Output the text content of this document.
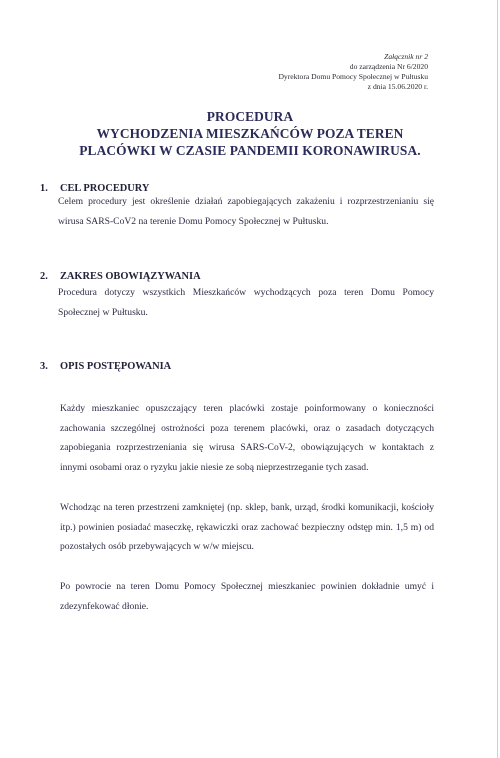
Załącznik nr 2
do zarządzenia Nr 6/2020
Dyrektora Domu Pomocy Społecznej w Pułtusku
z dnia 15.06.2020 r.
PROCEDURA
WYCHODZENIA MIESZKAŃCÓW POZA TEREN
PLACÓWKI W CZASIE PANDEMII KORONAWIRUSA.
1. CEL PROCEDURY
Celem procedury jest określenie działań zapobiegających zakażeniu i rozprzestrzenianiu się wirusa SARS-CoV2 na terenie Domu Pomocy Społecznej w Pułtusku.
2. ZAKRES OBOWIĄZYWANIA
Procedura dotyczy wszystkich Mieszkańców wychodzących poza teren Domu Pomocy Społecznej w Pułtusku.
3. OPIS POSTĘPOWANIA
Każdy mieszkaniec opuszczający teren placówki zostaje poinformowany o konieczności zachowania szczególnej ostrożności poza terenem placówki, oraz o zasadach dotyczących zapobiegania rozprzestrzeniania się wirusa SARS-CoV-2, obowiązujących w kontaktach z innymi osobami oraz o ryzyku jakie niesie ze sobą nieprzestrzeganie tych zasad.
Wchodząc na teren przestrzeni zamkniętej (np. sklep, bank, urząd, środki komunikacji, kościoły itp.) powinien posiadać maseczkę, rękawiczki oraz zachować bezpieczny odstęp min. 1,5 m) od pozostałych osób przebywających w w/w miejscu.
Po powrocie na teren Domu Pomocy Społecznej mieszkaniec powinien dokładnie umyć i zdezynfekować dłonie.
